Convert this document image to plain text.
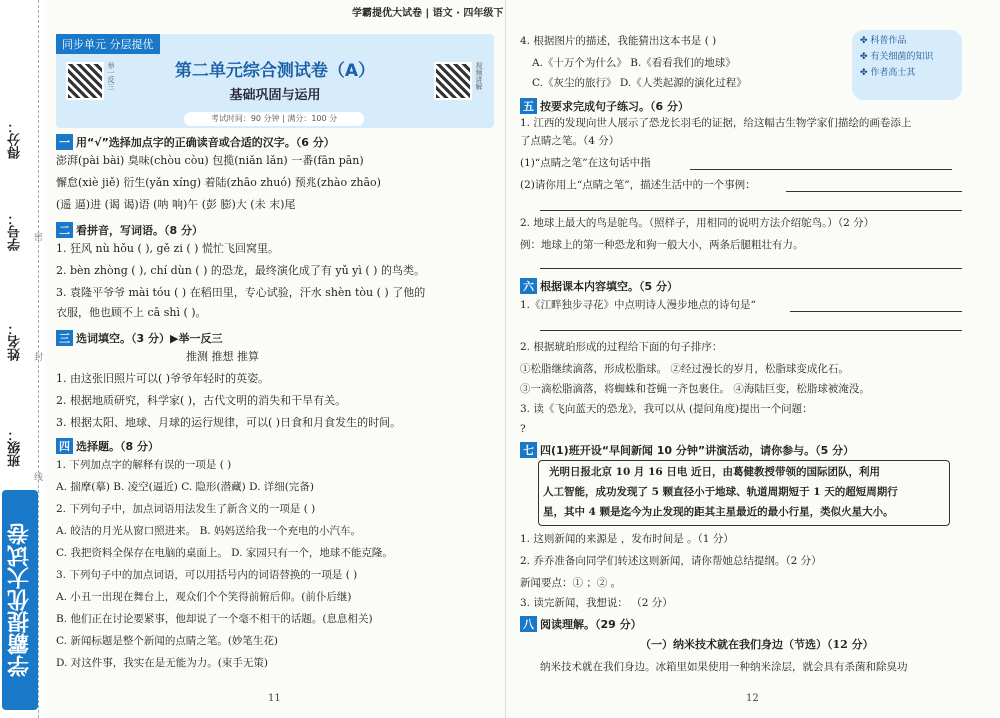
得分：
学号：
姓名：
班级：
密
封
线
学霸提优大试卷
同步单元 分层提优
举一反三	第二单元综合测试卷（A）
基础巩固与运用
视频讲解
考试时间：90 分钟 | 满分：100 分
学霸提优大试卷 | 语文 · 四年级下
一 用“√”选择加点字的正确读音或合适的汉字。（6 分）
澎湃(pài bài) 臭味(chòu còu) 包揽(niǎn lǎn) 一番(fān pān)
懈怠(xiè jiě) 衍生(yǎn xíng) 着陆(zhāo zhuó) 预兆(zhào zhāo)
(遥 逼)进 (谒 谒)语 (呐 响)午 (彭 膨)大 (未 末)尾
二 看拼音，写词语。（8 分）
1. 狂风 nù hǒu ( ), gě zi ( ) 慌忙飞回窝里。
2. bèn zhòng ( ), chí dùn ( ) 的恐龙，最终演化成了有 yǔ yì ( ) 的鸟类。
3. 袁隆平爷爷 mài tóu ( ) 在稻田里，专心试验，汗水 shèn tòu ( ) 了他的
衣服，他也顾不上 cā shì ( )。
三 选词填空。（3 分）▶举一反三
推测 推想 推算
1. 由这张旧照片可以( )爷爷年轻时的英姿。
2. 根据地质研究，科学家( )，古代文明的消失和干旱有关。
3. 根据太阳、地球、月球的运行规律，可以( )日食和月食发生的时间。
四 选择题。（8 分）
1. 下列加点字的解释有误的一项是 ( )
A. 揣摩(摹) B. 凌空(逼近) C. 隐形(潜藏) D. 详细(完备)
2. 下列句子中，加点词语用法发生了新含义的一项是 ( )
A. 皎洁的月光从窗口照进来。 B. 妈妈送给我一个充电的小汽车。
C. 我把资料全保存在电脑的桌面上。 D. 家园只有一个，地球不能克隆。
3. 下列句子中的加点词语，可以用括号内的词语替换的一项是 ( )
A. 小丑一出现在舞台上，观众们个个笑得前俯后仰。(前仆后继)
B. 他们正在讨论要紧事，他却说了一个毫不相干的话题。(息息相关)
C. 新闻标题是整个新闻的点睛之笔。(妙笔生花)
D. 对这件事，我实在是无能为力。(束手无策)
11
4. 根据图片的描述，我能猜出这本书是 ( )
A.《十万个为什么》 B.《看看我们的地球》
C.《灰尘的旅行》 D.《人类起源的演化过程》
✤ 科普作品
✤ 有关细菌的知识
✤ 作者高士其
五 按要求完成句子练习。（6 分）
1. 江西的发现向世人展示了恐龙长羽毛的证据，给这幅古生物学家们描绘的画卷添上
了点睛之笔。（4 分）
(1)“点睛之笔”在这句话中指
(2)请你用上“点睛之笔”，描述生活中的一个事例：
2. 地球上最大的鸟是鸵鸟。（照样子，用相同的说明方法介绍鸵鸟。）（2 分）
例：地球上的第一种恐龙和狗一般大小，两条后腿粗壮有力。
六 根据课本内容填空。（5 分）
1.《江畔独步寻花》中点明诗人漫步地点的诗句是“
2. 根据琥珀形成的过程给下面的句子排序：
①松脂继续滴落，形成松脂球。 ②经过漫长的岁月，松脂球变成化石。
③一滴松脂滴落，将蜘蛛和苍蝇一齐包裹住。 ④海陆巨变，松脂球被淹没。
3. 读《飞向蓝天的恐龙》，我可以从 (提问角度)提出一个问题：
?
七 四(1)班开设“早间新闻 10 分钟”讲演活动，请你参与。（5 分）
光明日报北京 10 月 16 日电 近日，由葛健教授带领的国际团队，利用
人工智能，成功发现了 5 颗直径小于地球、轨道周期短于 1 天的超短周期行
星，其中 4 颗是迄今为止发现的距其主星最近的最小行星，类似火星大小。
1. 这则新闻的来源是 ，发布时间是 。（1 分）
2. 乔乔准备向同学们转述这则新闻，请你帮她总结提纲。（2 分）
新闻要点：① ；② 。
3. 读完新闻，我想说： （2 分）
八 阅读理解。（29 分）
（一）纳米技术就在我们身边（节选）（12 分）
纳米技术就在我们身边。冰箱里如果使用一种纳米涂层，就会具有杀菌和除臭功
12
